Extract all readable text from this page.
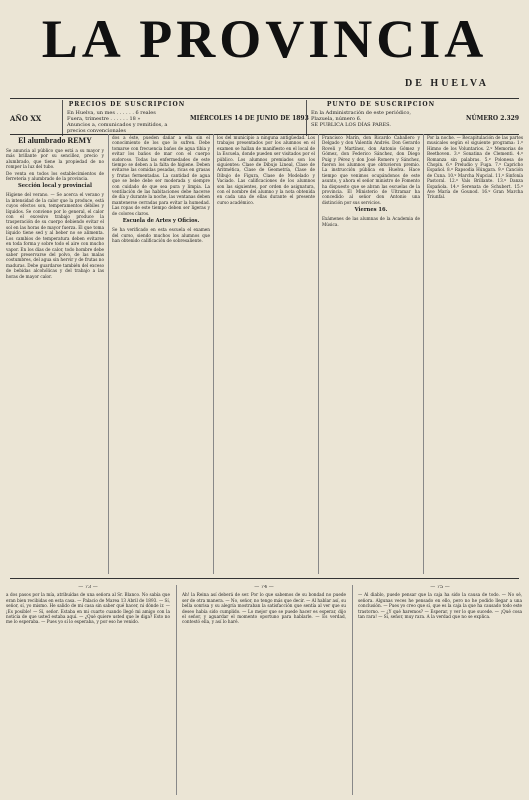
LA PROVINCIA
DE HUELVA
AÑO XX
PRECIOS DE SUSCRIPCION
En Huelva, un mes . . . . . . 6 reales
Fuera, trimestre . . . . . . 18 »
Anuncios a, comunicados y remitidos, a precios convencionales
MIÉRCOLES 14 DE JUNIO DE 1893
PUNTO DE SUSCRIPCION
En la Administración de este periódico,
Plazuela, número 6.
SE PUBLICA LOS DÍAS PARES.
NÚMERO 2.329
El alumbrado REMY

Se anuncia al público que está a su mayor y más brillante por su sencillez, precio y alumbrado, que tiene la propiedad de no romper la luz del tubo.

De venta en todos los establecimientos de ferretería y alumbrado de la provincia.

Sección local y provincial

Higiene del verano. — Se acerca el verano y la intensidad de la calor que la produce, está cuyos efectos son, temperamentos débiles y líquidos. Se conviene por lo general, el calor con el excesivo trabajo produce la trasperación de su cuerpo debiendo evitar el sol en las horas de mayor fuerza. El que toma líquido tiene sed y al beber no se alimenta. Los cambios de temperatura deben evitarse en toda forma y sobre todo el aire con mucho vapor. En los días de calor, todo hombre debe saber preservarse del polvo, de las malas costumbres, del agua sin hervir y de frutas no maduras. Debe guardarse también del exceso de bebidas alcohólicas y del trabajo a las horas de mayor calor.

dos a éste, pueden dañar a ella sin el conocimiento de los que lo sufren. Debe tomarse con frecuencia baños de agua tibia y evitar los baños de mar con el cuerpo sudoroso. Todas las enfermedades de este tiempo se deben a la falta de higiene. Deben evitarse las comidas pesadas, ricas en grasas y frutas fermentadas. La cantidad de agua que se bebe debe ser moderada y siempre con cuidado de que sea pura y limpia. La ventilación de las habitaciones debe hacerse de día y durante la noche, las ventanas deben mantenerse cerradas para evitar la humedad. Las ropas de este tiempo deben ser ligeras y de colores claros.

Escuela de Artes y Oficios.

Se ha verificado en esta escuela el examen del curso, siendo muchos los alumnos que han obtenido calificación de sobresaliente.

los del municipio a ninguna antigüedad. Los trabajos presentados por los alumnos en el examen se hallan de manifiesto en el local de la Escuela, donde pueden ser visitados por el público. Los alumnos premiados son los siguientes: Clase de Dibujo Lineal, Clase de Aritmética, Clase de Geometría, Clase de Dibujo de Figura, Clase de Modelado y Vaciado. Las calificaciones de los alumnos son las siguientes, por orden de asignatura, con el nombre del alumno y la nota obtenida en cada una de ellas durante el presente curso académico.

Francisco Marín, don Ricardo Caballero y Delgado y don Valentín Andrés. Don Gerardo Roveli y Martínez, don Antonio Gómez y Gómez, don Federico Sánchez, don Diego Puig y Pérez y don José Romero y Sánchez, fueron los alumnos que obtuvieron premio. La instrucción pública en Huelva. Hace tiempo que venimos ocupándonos de este asunto, y ahora el señor ministro de Fomento ha dispuesto que se abran las escuelas de la provincia. El Ministerio de Ultramar ha concedido al señor don Antonio una distinción por sus servicios.

Viernes 16.

Exámenes de las alumnas de la Academia de Música.

Por la noche. — Recapitulación de las partes musicales según el siguiente programa: 1.º Himno de los Voluntarios. 2.º Memorias de Beethoven. 3.º Sonatina de Clementi. 4.º Romanza sin palabras. 5.º Polonesa de Chopin. 6.º Preludio y Fuga. 7.º Capricho Español. 8.º Rapsodia Húngara. 9.º Canción de Cuna. 10.º Marcha Nupcial. 11.º Sinfonía Pastoral. 12.º Vals Brillante. 13.º Danza Española. 14.º Serenata de Schubert. 15.º Ave María de Gounod. 16.º Gran Marcha Triunfal.

— 73 —

a dos pasos por la mía, atribuídas de una señora al Sr. Blanco. No sabía que eran bien recibidas en esta casa. — Palacio de Marea 13 Abril de 1893. — Sí, señor, sí, yo mismo. He salido de mi casa sin saber qué hacer, ni dónde ir. — ¡Es posible! — Sí, señor. Estaba en mi cuarto cuando llegó mi amigo con la noticia de que usted estaba aquí. — ¿Qué quiere usted que le diga? Esto no me lo esperaba. — Pues yo sí lo esperaba, y por eso he venido.

— 74 —

Ah! la Reina así deberá de ser. Por lo que sabemos de su bondad no puede ser de otra manera. — No, señor, no tengo más que decir. — Al hablar así, su bella sonrisa y su alegría mostraban la satisfacción que sentía al ver que su deseo había sido cumplido. — Lo mejor que se puede hacer es esperar, dijo el señor, y aguardar el momento oportuno para hablarle. — Es verdad, contestó ella, y así lo haré.

— 75 —

— Al diablo, puede pensar que la caja ha sido la causa de todo. — No sé, señora. Algunas veces he pensado en ello, pero no he podido llegar a una conclusión. — Pues yo creo que sí, que es la caja la que ha causado todo este trastorno. — ¿Y qué haremos? — Esperar, y ver lo que sucede. — ¡Qué cosa tan rara! — Si, señor, muy rara. A la verdad que no se explica.
